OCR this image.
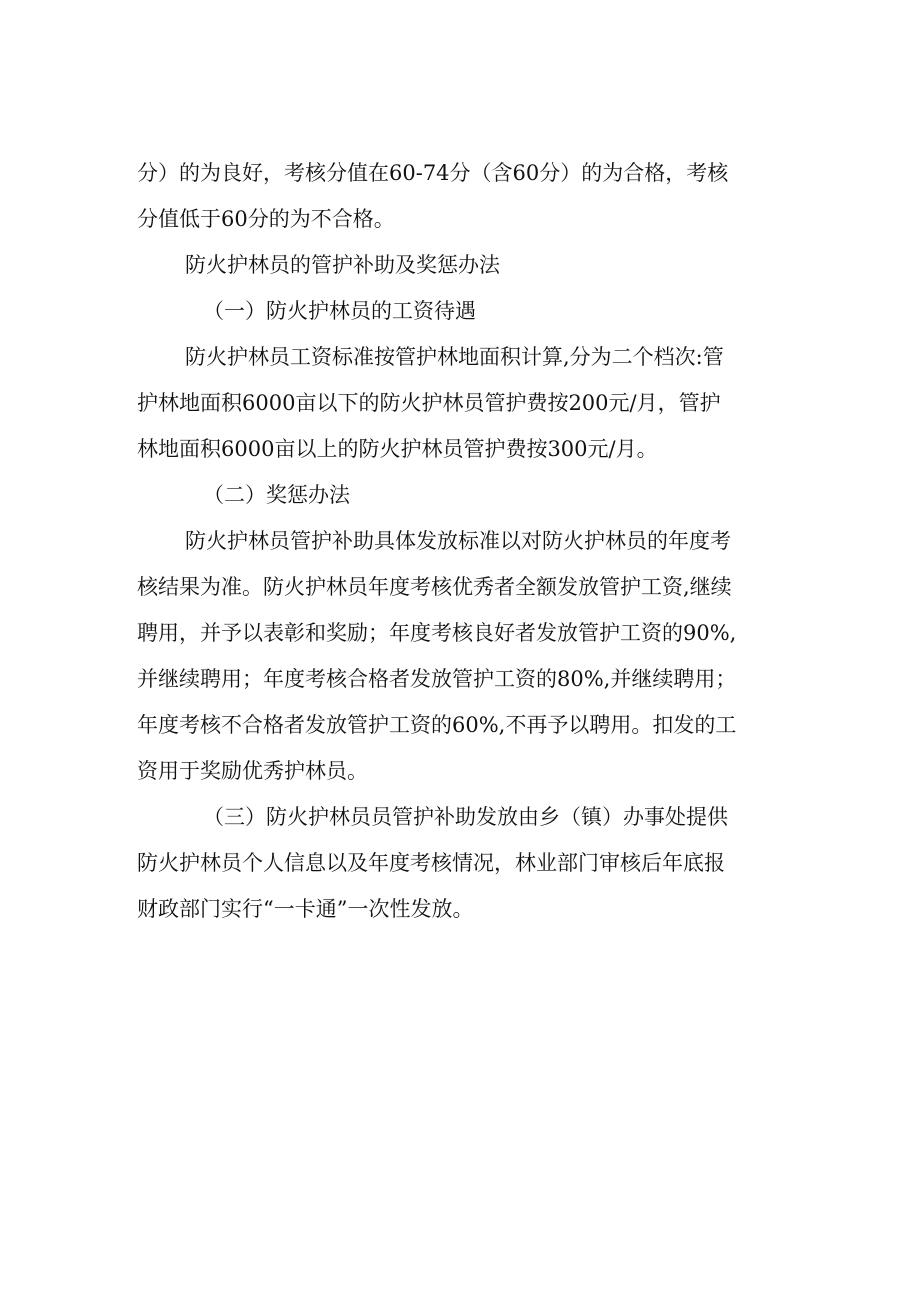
分）的为良好，考核分值在60-74分（含60分）的为合格，考核
分值低于60分的为不合格。
防火护林员的管护补助及奖惩办法
（一）防火护林员的工资待遇
防火护林员工资标准按管护林地面积计算,分为二个档次:管
护林地面积6000亩以下的防火护林员管护费按200元/月，管护
林地面积6000亩以上的防火护林员管护费按300元/月。
（二）奖惩办法
防火护林员管护补助具体发放标准以对防火护林员的年度考
核结果为准。防火护林员年度考核优秀者全额发放管护工资,继续
聘用，并予以表彰和奖励；年度考核良好者发放管护工资的90%,
并继续聘用；年度考核合格者发放管护工资的80%,并继续聘用；
年度考核不合格者发放管护工资的60%,不再予以聘用。扣发的工
资用于奖励优秀护林员。
（三）防火护林员员管护补助发放由乡（镇）办事处提供
防火护林员个人信息以及年度考核情况，林业部门审核后年底报
财政部门实行“一卡通”一次性发放。
